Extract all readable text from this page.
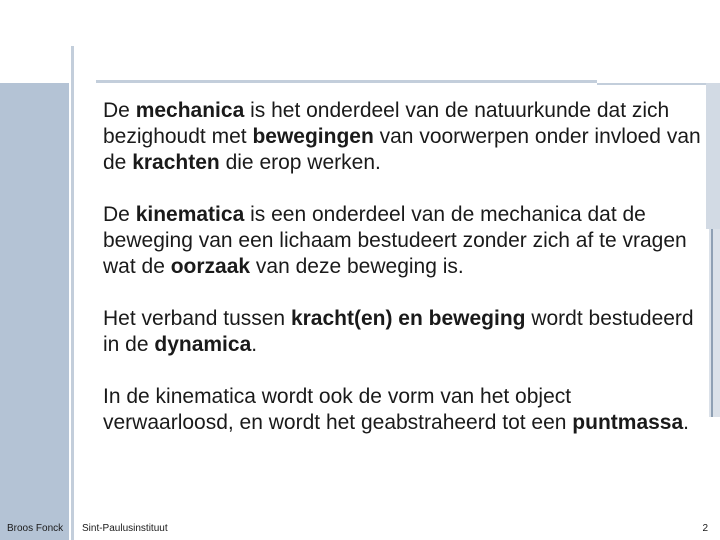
De mechanica is het onderdeel van de natuurkunde dat zich bezighoudt met bewegingen van voorwerpen onder invloed van de krachten die erop werken.

De kinematica is een onderdeel van de mechanica dat de beweging van een lichaam bestudeert zonder zich af te vragen wat de oorzaak van deze beweging is.

Het verband tussen kracht(en) en beweging wordt bestudeerd in de dynamica.

In de kinematica wordt ook de vorm van het object verwaarloosd, en wordt het geabstraheerd tot een puntmassa.

Broos Fonck Sint-Paulusinstituut	2
